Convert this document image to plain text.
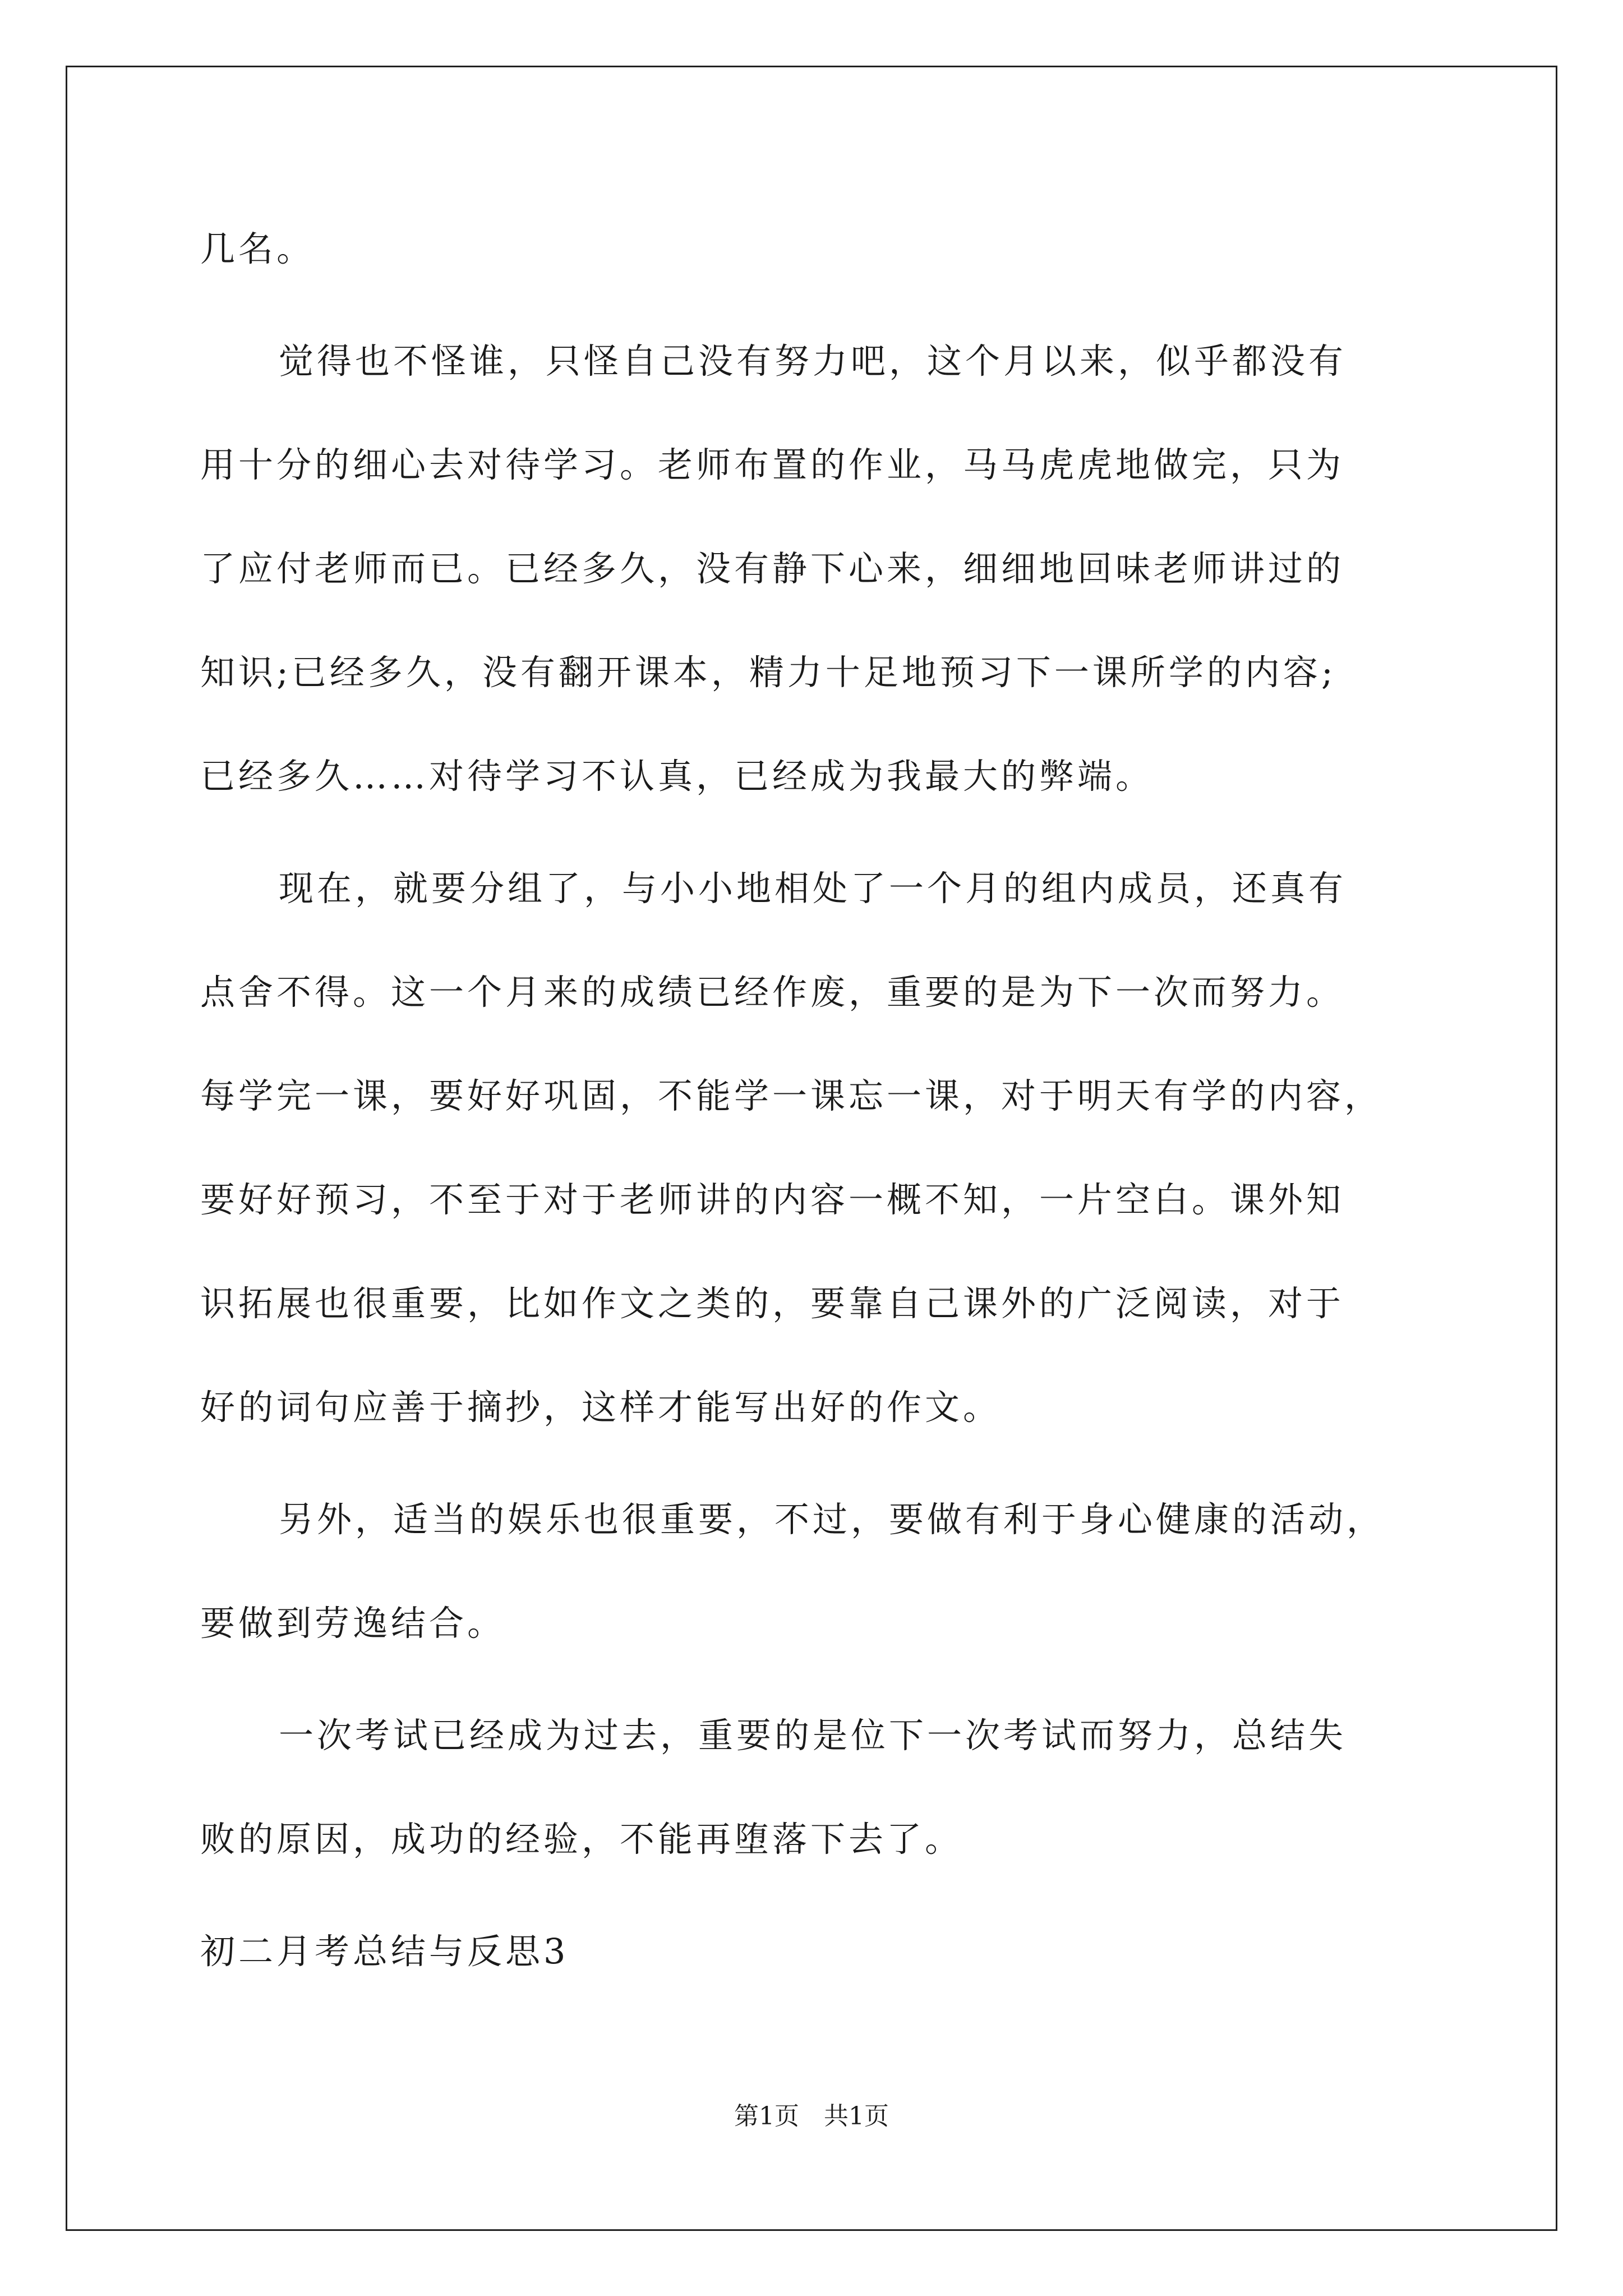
几名。
觉得也不怪谁，只怪自己没有努力吧，这个月以来，似乎都没有
用十分的细心去对待学习。老师布置的作业，马马虎虎地做完，只为
了应付老师而已。已经多久，没有静下心来，细细地回味老师讲过的
知识;已经多久，没有翻开课本，精力十足地预习下一课所学的内容;
已经多久……对待学习不认真，已经成为我最大的弊端。
现在，就要分组了，与小小地相处了一个月的组内成员，还真有
点舍不得。这一个月来的成绩已经作废，重要的是为下一次而努力。
每学完一课，要好好巩固，不能学一课忘一课，对于明天有学的内容，
要好好预习，不至于对于老师讲的内容一概不知，一片空白。课外知
识拓展也很重要，比如作文之类的，要靠自己课外的广泛阅读，对于
好的词句应善于摘抄，这样才能写出好的作文。
另外，适当的娱乐也很重要，不过，要做有利于身心健康的活动，
要做到劳逸结合。
一次考试已经成为过去，重要的是位下一次考试而努力，总结失
败的原因，成功的经验，不能再堕落下去了。
初二月考总结与反思3
第1页　共1页
